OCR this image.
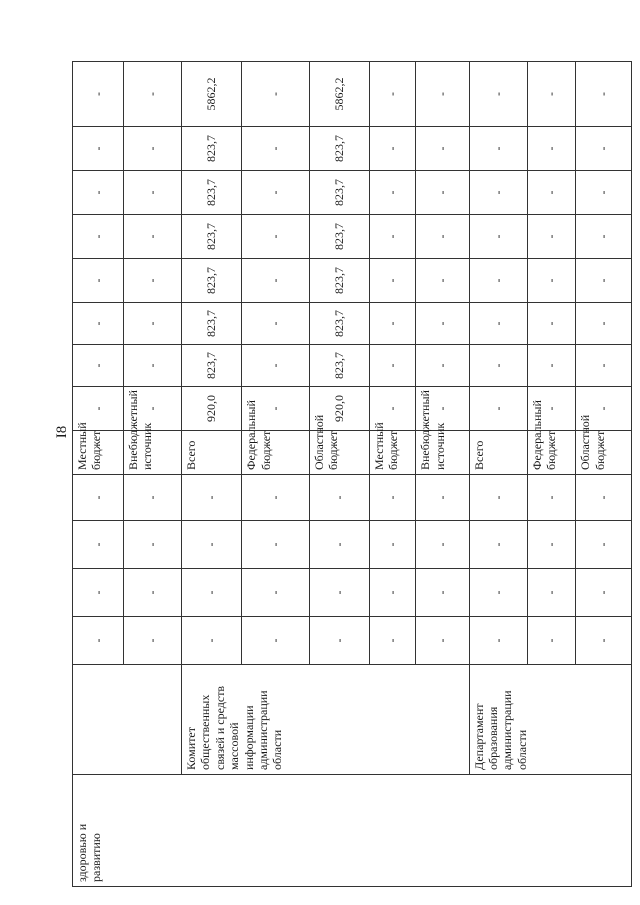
I8
здоровью и развитию		-	-	-	-	Местный бюджет	-	-	-	-	-	-	-	-
		-	-	-	-	Внебюджетный источник	-	-	-	-	-	-	-	-
	Комитет общественных связей и средств массовой информации администрации области	-	-	-	-	Всего	920,0	823,7	823,7	823,7	823,7	823,7	823,7	5862,2
		-	-	-	-	Федеральный бюджет	-	-	-	-	-	-	-	-
		-	-	-	-	Областной бюджет	920,0	823,7	823,7	823,7	823,7	823,7	823,7	5862,2
		-	-	-	-	Местный бюджет	-	-	-	-	-	-	-	-
		-	-	-	-	Внебюджетный источник	-	-	-	-	-	-	-	-
	Департамент образования администрации области	-	-	-	-	Всего	-	-	-	-	-	-	-	-
		-	-	-	-	Федеральный бюджет	-	-	-	-	-	-	-	-
		-	-	-	-	Областной бюджет	-	-	-	-	-	-	-	-
